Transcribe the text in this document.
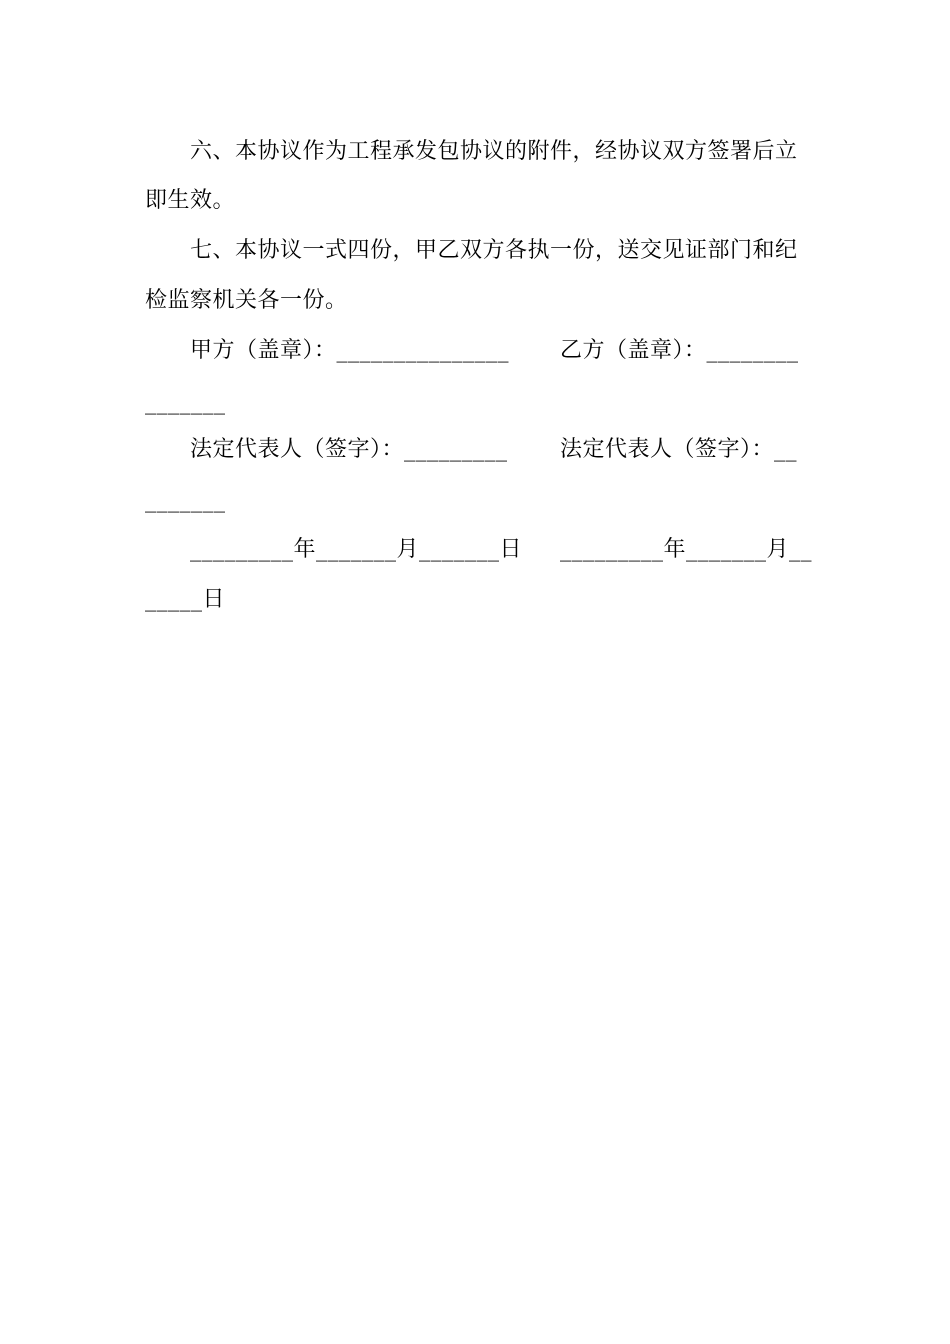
六、本协议作为工程承发包协议的附件，经协议双方签署后立
即生效。
七、本协议一式四份，甲乙双方各执一份，送交见证部门和纪
检监察机关各一份。
甲方（盖章）：_______________ 乙方（盖章）：________
_______
法定代表人（签字）：_________ 法定代表人（签字）：__
_______
_________年_______月_______日 _________年_______月__
_____日
